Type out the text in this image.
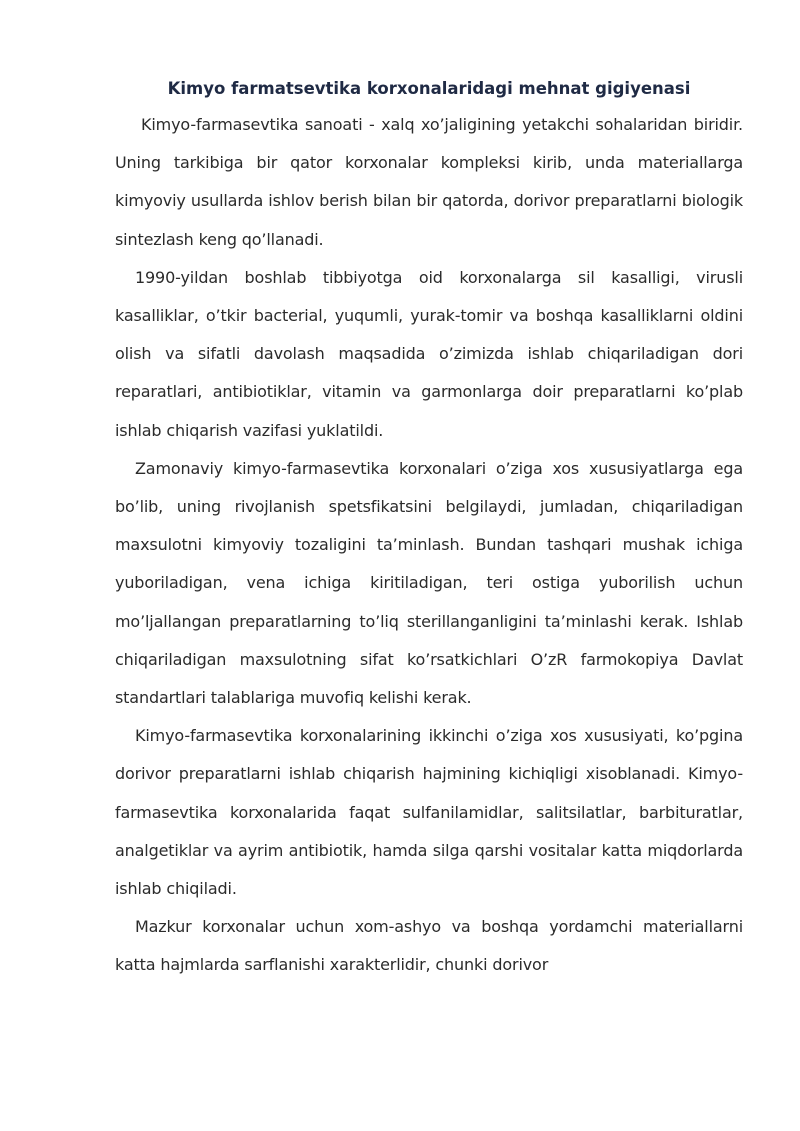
Kimyo farmatsevtika korxonalaridagi mehnat gigiyenasi

Kimyo-farmasevtika sanoati - xalq xo’jaligining yetakchi sohalaridan biridir. Uning tarkibiga bir qator korxonalar kompleksi kirib, unda materiallarga kimyoviy usullarda ishlov berish bilan bir qatorda, dorivor preparatlarni biologik sintezlash keng qo’llanadi.

1990-yildan boshlab tibbiyotga oid korxonalarga sil kasalligi, virusli kasalliklar, o’tkir bacterial, yuqumli, yurak-tomir va boshqa kasalliklarni oldini olish va sifatli davolash maqsadida o’zimizda ishlab chiqariladigan dori reparatlari, antibiotiklar, vitamin va garmonlarga doir preparatlarni ko’plab ishlab chiqarish vazifasi yuklatildi.

Zamonaviy kimyo-farmasevtika korxonalari o’ziga xos xususiyatlarga ega bo’lib, uning rivojlanish spetsfikatsini belgilaydi, jumladan, chiqariladigan maxsulotni kimyoviy tozaligini ta’minlash. Bundan tashqari mushak ichiga yuboriladigan, vena ichiga kiritiladigan, teri ostiga yuborilish uchun mo’ljallangan preparatlarning to’liq sterillanganligini ta’minlashi kerak. Ishlab chiqariladigan maxsulotning sifat ko’rsatkichlari O’zR farmokopiya Davlat standartlari talablariga muvofiq kelishi kerak.

Kimyo-farmasevtika korxonalarining ikkinchi o’ziga xos xususiyati, ko’pgina dorivor preparatlarni ishlab chiqarish hajmining kichiqligi xisoblanadi. Kimyo-farmasevtika korxonalarida faqat sulfanilamidlar, salitsilatlar, barbituratlar, analgetiklar va ayrim antibiotik, hamda silga qarshi vositalar katta miqdorlarda ishlab chiqiladi.

Mazkur korxonalar uchun xom-ashyo va boshqa yordamchi materiallarni katta hajmlarda sarflanishi xarakterlidir, chunki dorivor
